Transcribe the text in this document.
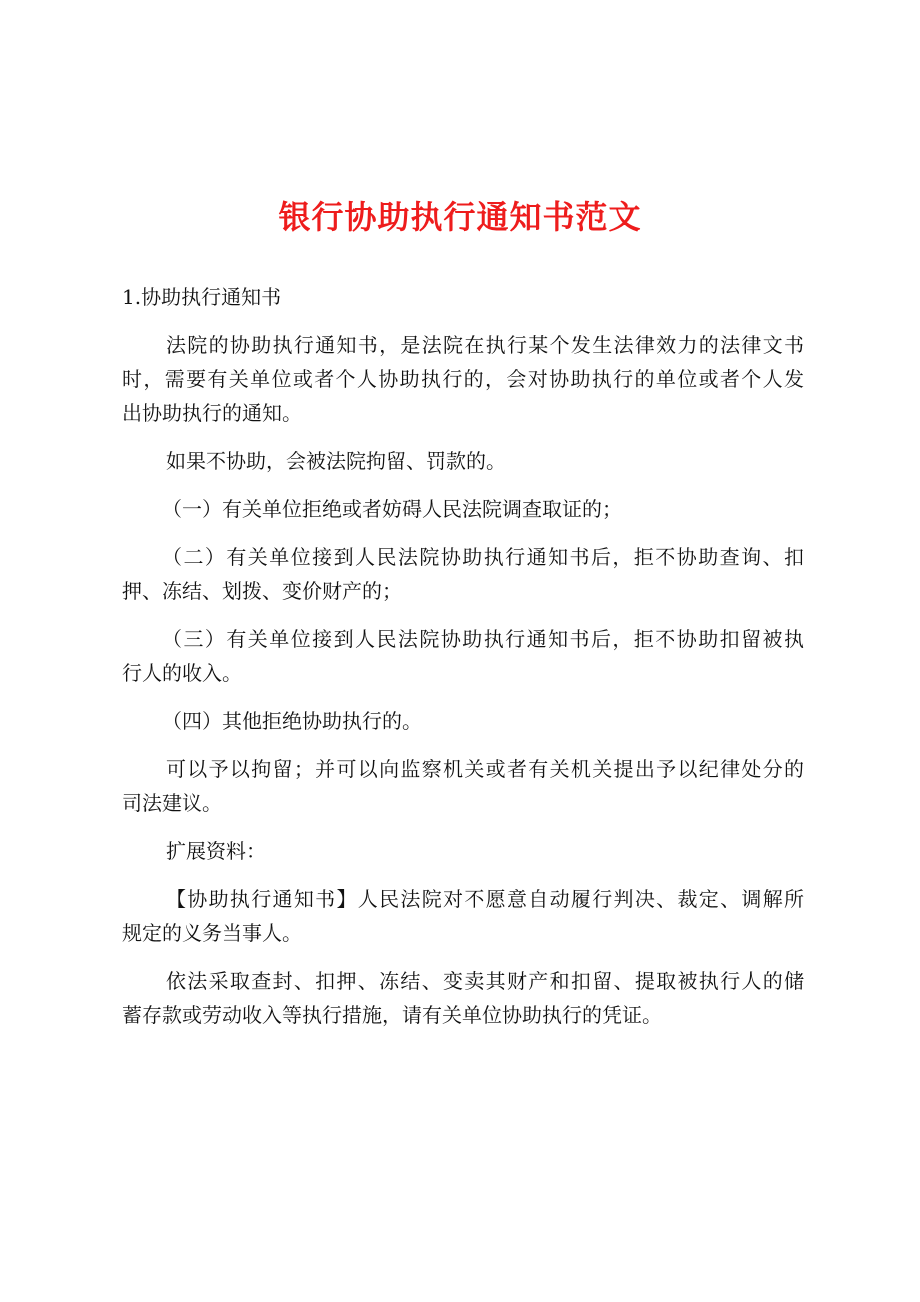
银行协助执行通知书范文
1.协助执行通知书
法院的协助执行通知书，是法院在执行某个发生法律效力的法律文书
时，需要有关单位或者个人协助执行的，会对协助执行的单位或者个人发
出协助执行的通知。
如果不协助，会被法院拘留、罚款的。
（一）有关单位拒绝或者妨碍人民法院调查取证的；
（二）有关单位接到人民法院协助执行通知书后，拒不协助查询、扣
押、冻结、划拨、变价财产的；
（三）有关单位接到人民法院协助执行通知书后，拒不协助扣留被执
行人的收入。
（四）其他拒绝协助执行的。
可以予以拘留；并可以向监察机关或者有关机关提出予以纪律处分的
司法建议。
扩展资料：
【协助执行通知书】人民法院对不愿意自动履行判决、裁定、调解所
规定的义务当事人。
依法采取查封、扣押、冻结、变卖其财产和扣留、提取被执行人的储
蓄存款或劳动收入等执行措施，请有关单位协助执行的凭证。
